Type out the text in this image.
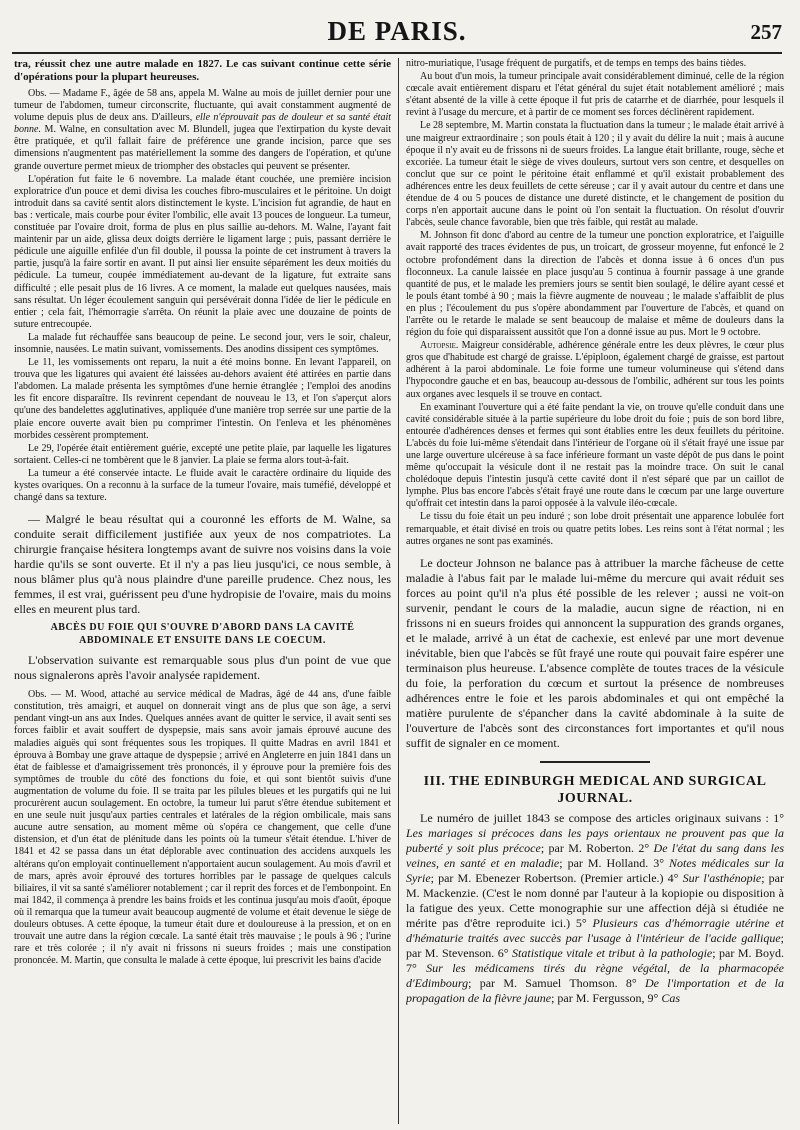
DE PARIS.	257

tra, réussit chez une autre malade en 1827. Le cas suivant continue cette série d'opérations pour la plupart heureuses.

Obs. — Madame F., âgée de 58 ans, appela M. Walne au mois de juillet dernier pour une tumeur de l'abdomen, tumeur circonscrite, fluctuante, qui avait constamment augmenté de volume depuis plus de deux ans. D'ailleurs, elle n'éprouvait pas de douleur et sa santé était bonne. M. Walne, en consultation avec M. Blundell, jugea que l'extirpation du kyste devait être pratiquée, et qu'il fallait faire de préférence une grande incision, parce que ses dimensions n'augmentent pas matériellement la somme des dangers de l'opération, et qu'une grande ouverture permet mieux de triompher des obstacles qui peuvent se présenter.

L'opération fut faite le 6 novembre. La malade étant couchée, une première incision exploratrice d'un pouce et demi divisa les couches fibro-musculaires et le péritoine. Un doigt introduit dans sa cavité sentit alors distinctement le kyste. L'incision fut agrandie, de haut en bas : verticale, mais courbe pour éviter l'ombilic, elle avait 13 pouces de longueur. La tumeur, constituée par l'ovaire droit, forma de plus en plus saillie au-dehors. M. Walne, l'ayant fait maintenir par un aide, glissa deux doigts derrière le ligament large ; puis, passant derrière le pédicule une aiguille enfilée d'un fil double, il poussa la pointe de cet instrument à travers la partie, jusqu'à la faire sortir en avant. Il put ainsi lier ensuite séparément les deux moitiés du pédicule. La tumeur, coupée immédiatement au-devant de la ligature, fut extraite sans difficulté ; elle pesait plus de 16 livres. A ce moment, la malade eut quelques nausées, mais sans résultat. Un léger écoulement sanguin qui persévérait donna l'idée de lier le pédicule en entier ; cela fait, l'hémorragie s'arrêta. On réunit la plaie avec une douzaine de points de suture entrecoupée.

La malade fut réchauffée sans beaucoup de peine. Le second jour, vers le soir, chaleur, insomnie, nausées. Le matin suivant, vomissements. Des anodins dissipent ces symptômes.

Le 11, les vomissements ont reparu, la nuit a été moins bonne. En levant l'appareil, on trouva que les ligatures qui avaient été laissées au-dehors avaient été attirées en partie dans l'abdomen. La malade présenta les symptômes d'une hernie étranglée ; l'emploi des anodins les fit encore disparaître. Ils revinrent cependant de nouveau le 13, et l'on s'aperçut alors qu'une des bandelettes agglutinatives, appliquée d'une manière trop serrée sur une partie de la plaie encore ouverte avait bien pu comprimer l'intestin. On l'enleva et les phénomènes morbides cessèrent promptement.

Le 29, l'opérée était entièrement guérie, excepté une petite plaie, par laquelle les ligatures sortaient. Celles-ci ne tombèrent que le 8 janvier. La plaie se ferma alors tout-à-fait.

La tumeur a été conservée intacte. Le fluide avait le caractère ordinaire du liquide des kystes ovariques. On a reconnu à la surface de la tumeur l'ovaire, mais tuméfié, développé et changé dans sa texture.

— Malgré le beau résultat qui a couronné les efforts de M. Walne, sa conduite serait difficilement justifiée aux yeux de nos compatriotes. La chirurgie française hésitera longtemps avant de suivre nos voisins dans la voie hardie qu'ils se sont ouverte. Et il n'y a pas lieu jusqu'ici, ce nous semble, à nous blâmer plus qu'à nous plaindre d'une pareille prudence. Chez nous, les femmes, il est vrai, guérissent peu d'une hydropisie de l'ovaire, mais du moins elles en meurent plus tard.

ABCÈS DU FOIE QUI S'OUVRE D'ABORD DANS LA CAVITÉ ABDOMINALE ET ENSUITE DANS LE COECUM.

L'observation suivante est remarquable sous plus d'un point de vue que nous signalerons après l'avoir analysée rapidement.

Obs. — M. Wood, attaché au service médical de Madras, âgé de 44 ans, d'une faible constitution, très amaigri, et auquel on donnerait vingt ans de plus que son âge, a servi pendant vingt-un ans aux Indes. Quelques années avant de quitter le service, il avait senti ses forces faiblir et avait souffert de dyspepsie, mais sans avoir jamais éprouvé aucune des maladies aiguës qui sont fréquentes sous les tropiques. Il quitte Madras en avril 1841 et éprouva à Bombay une grave attaque de dyspepsie ; arrivé en Angleterre en juin 1841 dans un état de faiblesse et d'amaigrissement très prononcés, il y éprouve pour la première fois des symptômes de trouble du côté des fonctions du foie, et qui sont bientôt suivis d'une augmentation de volume du foie. Il se traita par les pilules bleues et les purgatifs qui ne lui procurèrent aucun soulagement. En octobre, la tumeur lui parut s'être étendue subitement et en une seule nuit jusqu'aux parties centrales et latérales de la région ombilicale, mais sans aucune autre sensation, au moment même où s'opéra ce changement, que celle d'une distension, et d'un état de plénitude dans les points où la tumeur s'était étendue. L'hiver de 1841 et 42 se passa dans un état déplorable avec continuation des accidens auxquels les altérans qu'on employait continuellement n'apportaient aucun soulagement. Au mois d'avril et de mars, après avoir éprouvé des tortures horribles par le passage de quelques calculs biliaires, il vit sa santé s'améliorer notablement ; car il reprit des forces et de l'embonpoint. En mai 1842, il commença à prendre les bains froids et les continua jusqu'au mois d'août, époque où il remarqua que la tumeur avait beaucoup augmenté de volume et était devenue le siège de douleurs obtuses. A cette époque, la tumeur était dure et douloureuse à la pression, et on en trouvait une autre dans la région cœcale. La santé était très mauvaise ; le pouls à 96 ; l'urine rare et très colorée ; il n'y avait ni frissons ni sueurs froides ; mais une constipation prononcée. M. Martin, que consulta le malade à cette époque, lui prescrivit les bains d'acide

nitro-muriatique, l'usage fréquent de purgatifs, et de temps en temps des bains tièdes.

Au bout d'un mois, la tumeur principale avait considérablement diminué, celle de la région cœcale avait entièrement disparu et l'état général du sujet était notablement amélioré ; mais s'étant absenté de la ville à cette époque il fut pris de catarrhe et de diarrhée, pour lesquels il revint à l'usage du mercure, et à partir de ce moment ses forces déclinèrent rapidement.

Le 28 septembre, M. Martin constata la fluctuation dans la tumeur ; le malade était arrivé à une maigreur extraordinaire ; son pouls était à 120 ; il y avait du délire la nuit ; mais à aucune époque il n'y avait eu de frissons ni de sueurs froides. La langue était brillante, rouge, sèche et excoriée. La tumeur était le siège de vives douleurs, surtout vers son centre, et desquelles on conclut que sur ce point le péritoine était enflammé et qu'il existait probablement des adhérences entre les deux feuillets de cette séreuse ; car il y avait autour du centre et dans une étendue de 4 ou 5 pouces de distance une dureté distincte, et le changement de position du corps n'en apportait aucune dans le point où l'on sentait la fluctuation. On résolut d'ouvrir l'abcès, seule chance favorable, bien que très faible, qui restât au malade.

M. Johnson fit donc d'abord au centre de la tumeur une ponction exploratrice, et l'aiguille avait rapporté des traces évidentes de pus, un troicart, de grosseur moyenne, fut enfoncé le 2 octobre profondément dans la direction de l'abcès et donna issue à 6 onces d'un pus floconneux. La canule laissée en place jusqu'au 5 continua à fournir passage à une grande quantité de pus, et le malade les premiers jours se sentit bien soulagé, le délire ayant cessé et le pouls étant tombé à 90 ; mais la fièvre augmente de nouveau ; le malade s'affaiblit de plus en plus ; l'écoulement du pus s'opère abondamment par l'ouverture de l'abcès, et quand on l'arrête ou le retarde le malade se sent beaucoup de malaise et même de douleurs dans la région du foie qui disparaissent aussitôt que l'on a donné issue au pus. Mort le 9 octobre.

Autopsie. Maigreur considérable, adhérence générale entre les deux plèvres, le cœur plus gros que d'habitude est chargé de graisse. L'épiploon, également chargé de graisse, est partout adhérent à la paroi abdominale. Le foie forme une tumeur volumineuse qui s'étend dans l'hypocondre gauche et en bas, beaucoup au-dessous de l'ombilic, adhérent sur tous les points aux organes avec lesquels il se trouve en contact.

En examinant l'ouverture qui a été faite pendant la vie, on trouve qu'elle conduit dans une cavité considérable située à la partie supérieure du lobe droit du foie ; puis de son bord libre, entourée d'adhérences denses et fermes qui sont établies entre les deux feuillets du péritoine. L'abcès du foie lui-même s'étendait dans l'intérieur de l'organe où il s'était frayé une issue par une large ouverture ulcéreuse à sa face inférieure formant un vaste dépôt de pus dans le point même qu'occupait la vésicule dont il ne restait pas la moindre trace. On suit le canal cholédoque depuis l'intestin jusqu'à cette cavité dont il n'est séparé que par un caillot de lymphe. Plus bas encore l'abcès s'était frayé une route dans le cœcum par une large ouverture qu'offrait cet intestin dans la paroi opposée à la valvule iléo-cœcale.

Le tissu du foie était un peu induré ; son lobe droit présentait une apparence lobulée fort remarquable, et était divisé en trois ou quatre petits lobes. Les reins sont à l'état normal ; les autres organes ne sont pas examinés.

Le docteur Johnson ne balance pas à attribuer la marche fâcheuse de cette maladie à l'abus fait par le malade lui-même du mercure qui avait réduit ses forces au point qu'il n'a plus été possible de les relever ; aussi ne voit-on survenir, pendant le cours de la maladie, aucun signe de réaction, ni en frissons ni en sueurs froides qui annoncent la suppuration des grands organes, et le malade, arrivé à un état de cachexie, est enlevé par une mort devenue inévitable, bien que l'abcès se fût frayé une route qui pouvait faire espérer une terminaison plus heureuse. L'absence complète de toutes traces de la vésicule du foie, la perforation du cœcum et surtout la présence de nombreuses adhérences entre le foie et les parois abdominales et qui ont empêché la matière purulente de s'épancher dans la cavité abdominale à la suite de l'ouverture de l'abcès sont des circonstances fort importantes et qu'il nous suffit de signaler en ce moment.

III. THE EDINBURGH MEDICAL AND SURGICAL JOURNAL.

Le numéro de juillet 1843 se compose des articles originaux suivans : 1° Les mariages si précoces dans les pays orientaux ne prouvent pas que la puberté y soit plus précoce; par M. Roberton. 2° De l'état du sang dans les veines, en santé et en maladie; par M. Holland. 3° Notes médicales sur la Syrie; par M. Ebenezer Robertson. (Premier article.) 4° Sur l'asthénopie; par M. Mackenzie. (C'est le nom donné par l'auteur à la kopiopie ou disposition à la fatigue des yeux. Cette monographie sur une affection déjà si étudiée ne mérite pas d'être reproduite ici.) 5° Plusieurs cas d'hémorragie utérine et d'hématurie traités avec succès par l'usage à l'intérieur de l'acide gallique; par M. Stevenson. 6° Statistique vitale et tribut à la pathologie; par M. Boyd. 7° Sur les médicamens tirés du règne végétal, de la pharmacopée d'Edimbourg; par M. Samuel Thomson. 8° De l'importation et de la propagation de la fièvre jaune; par M. Fergusson, 9° Cas
